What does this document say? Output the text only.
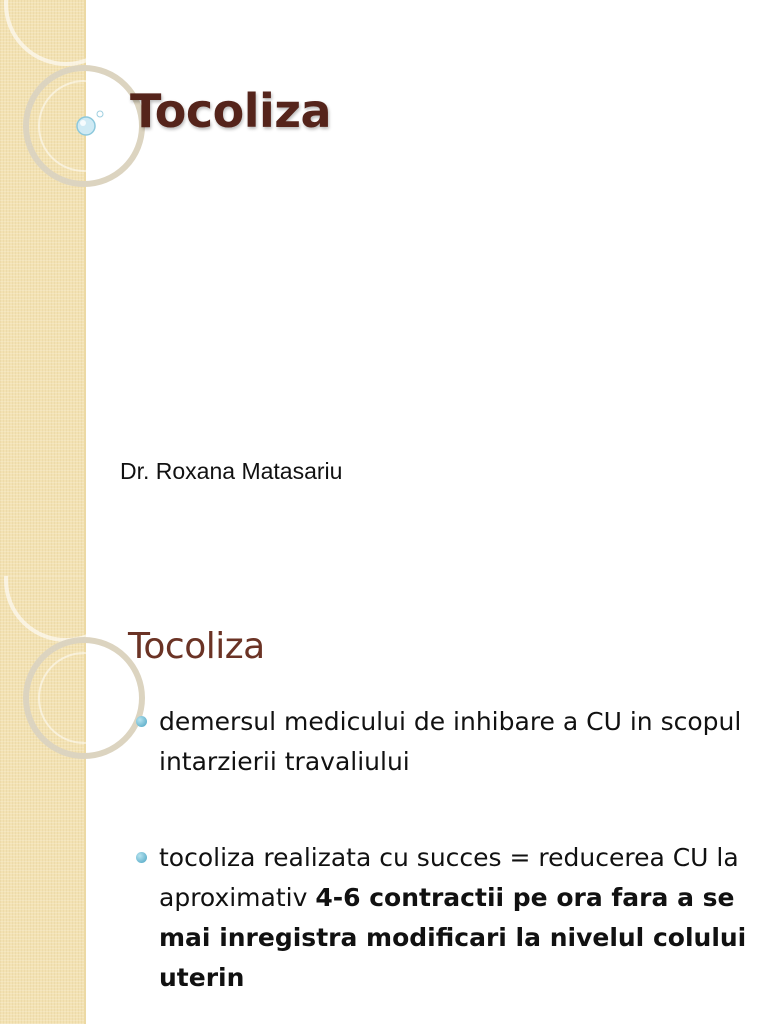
Tocoliza
Dr. Roxana Matasariu
Tocoliza
demersul medicului de inhibare a CU in scopul intarzierii travaliului
tocoliza realizata cu succes = reducerea CU la aproximativ 4-6 contractii pe ora fara a se mai inregistra modificari la nivelul colului uterin
